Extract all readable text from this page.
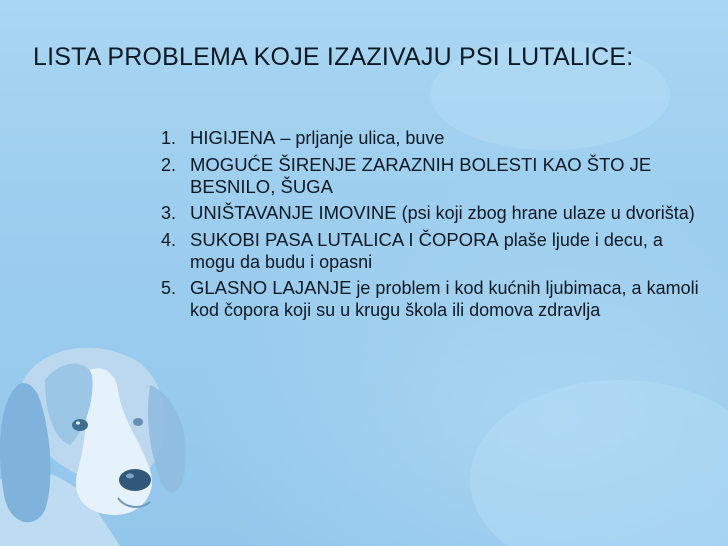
LISTA PROBLEMA KOJE IZAZIVAJU PSI LUTALICE:
1. HIGIJENA – prljanje ulica, buve
2. MOGUĆE ŠIRENJE ZARAZNIH BOLESTI KAO ŠTO JE BESNILO, ŠUGA
3. UNIŠTAVANJE IMOVINE (psi koji zbog hrane ulaze u dvorišta)
4. SUKOBI PASA LUTALICA I ČOPORA plaše ljude i decu, a mogu da budu i opasni
5. GLASNO LAJANJE je problem i kod kućnih ljubimaca, a kamoli kod čopora koji su u krugu škola ili domova zdravlja
